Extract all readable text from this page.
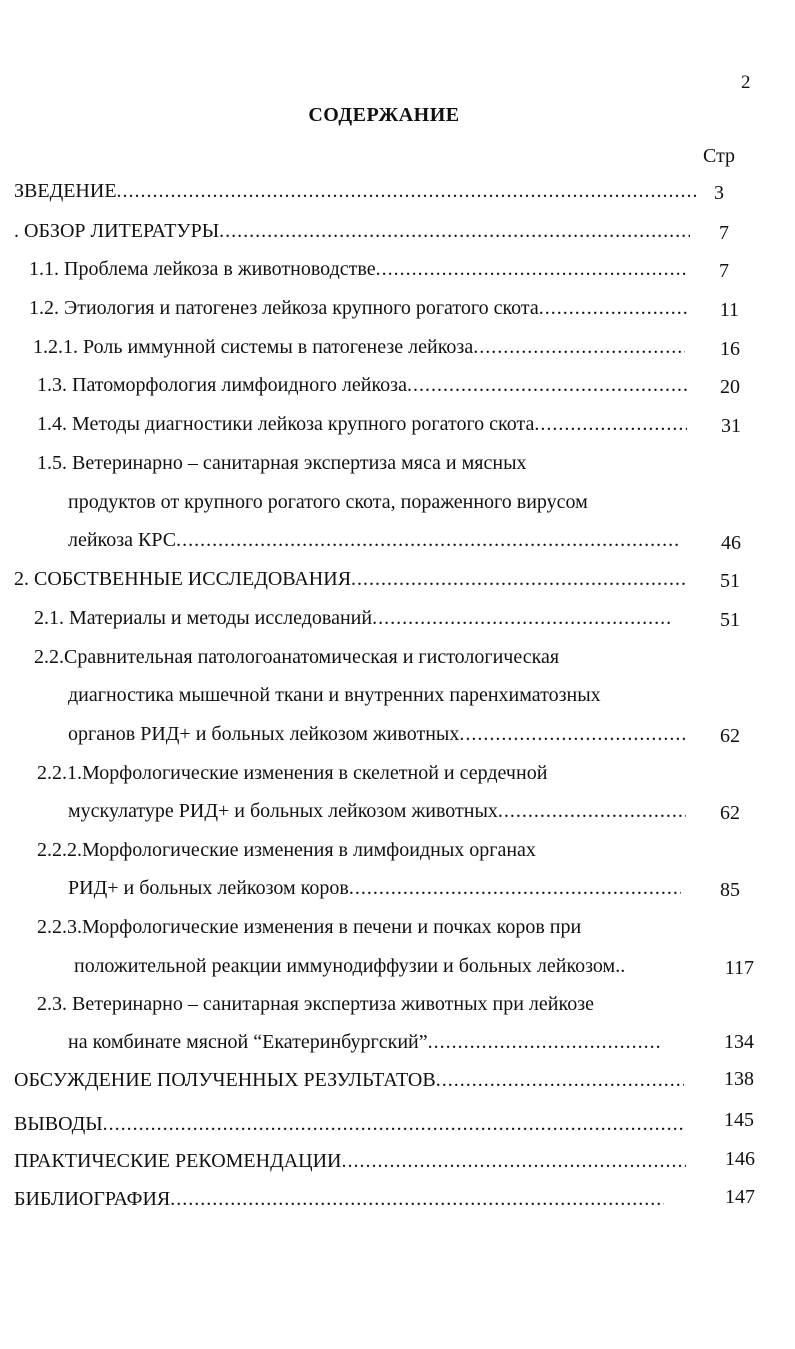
2
СОДЕРЖАНИЕ
Стр
ЗВЕДЕНИЕ .....	3
. ОБЗОР ЛИТЕРАТУРЫ .....	7
1.1. Проблема лейкоза в животноводстве .....	7
1.2. Этиология и патогенез лейкоза крупного рогатого скота .....	11
1.2.1. Роль иммунной системы в патогенезе лейкоза .....	16
1.3. Патоморфология лимфоидного лейкоза .....	20
1.4. Методы диагностики лейкоза крупного рогатого скота .....	31
1.5. Ветеринарно – санитарная экспертиза мяса и мясных
продуктов от крупного рогатого скота, пораженного вирусом
лейкоза КРС .....	46
2. СОБСТВЕННЫЕ ИССЛЕДОВАНИЯ .....	51
2.1. Материалы и методы исследований .....	51
2.2.Сравнительная патологоанатомическая и гистологическая
диагностика мышечной ткани и внутренних паренхиматозных
органов РИД+ и больных лейкозом животных .....	62
2.2.1.Морфологические изменения в скелетной и сердечной
мускулатуре РИД+ и больных лейкозом животных .....	62
2.2.2.Морфологические изменения в лимфоидных органах
РИД+ и больных лейкозом коров .....	85
2.2.3.Морфологические изменения в печени и почках коров при
положительной реакции иммунодиффузии и больных лейкозом..	117
2.3. Ветеринарно – санитарная экспертиза животных при лейкозе
на комбинате мясной “Екатеринбургский” .....	134
ОБСУЖДЕНИЕ ПОЛУЧЕННЫХ РЕЗУЛЬТАТОВ .....	138
ВЫВОДЫ .....	145
ПРАКТИЧЕСКИЕ РЕКОМЕНДАЦИИ .....	146
БИБЛИОГРАФИЯ .....	147
